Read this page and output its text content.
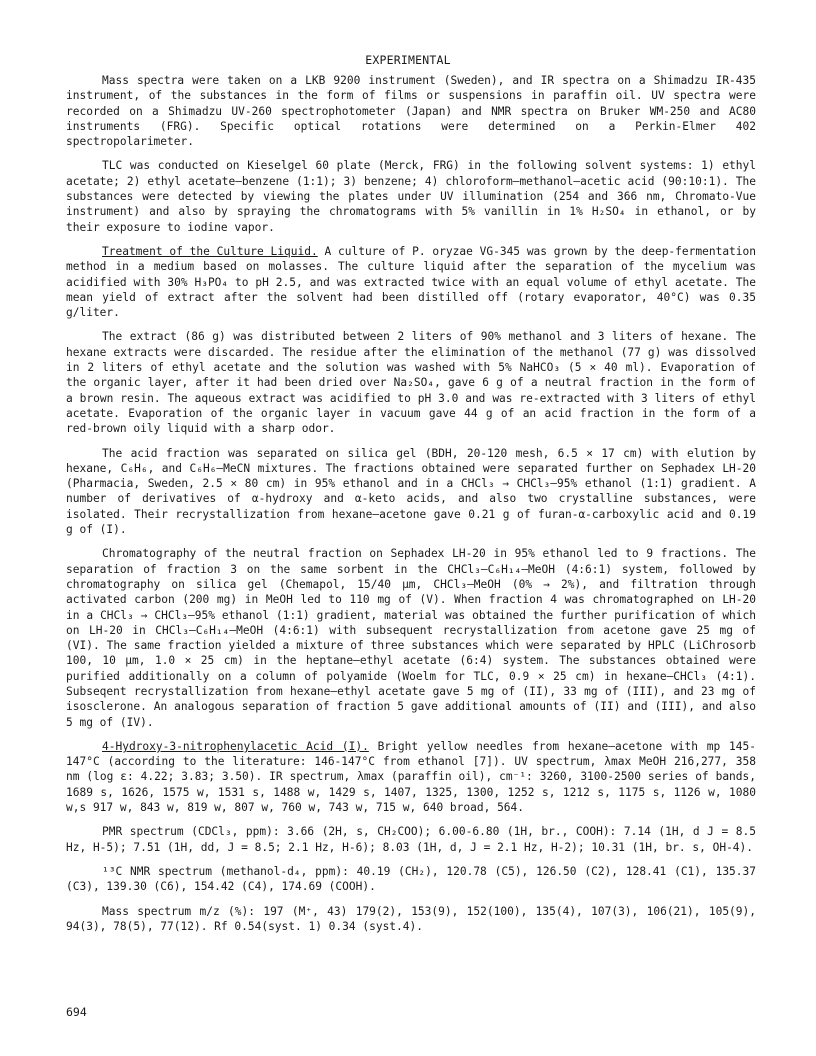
EXPERIMENTAL

Mass spectra were taken on a LKB 9200 instrument (Sweden), and IR spectra on a Shimadzu IR-435 instrument, of the substances in the form of films or suspensions in paraffin oil. UV spectra were recorded on a Shimadzu UV-260 spectrophotometer (Japan) and NMR spectra on Bruker WM-250 and AC80 instruments (FRG). Specific optical rotations were determined on a Perkin-Elmer 402 spectropolarimeter.

TLC was conducted on Kieselgel 60 plate (Merck, FRG) in the following solvent systems: 1) ethyl acetate; 2) ethyl acetate—benzene (1:1); 3) benzene; 4) chloroform—methanol—acetic acid (90:10:1). The substances were detected by viewing the plates under UV illumination (254 and 366 nm, Chromato-Vue instrument) and also by spraying the chromatograms with 5% vanillin in 1% H₂SO₄ in ethanol, or by their exposure to iodine vapor.

Treatment of the Culture Liquid. A culture of P. oryzae VG-345 was grown by the deep-fermentation method in a medium based on molasses. The culture liquid after the separation of the mycelium was acidified with 30% H₃PO₄ to pH 2.5, and was extracted twice with an equal volume of ethyl acetate. The mean yield of extract after the solvent had been distilled off (rotary evaporator, 40°C) was 0.35 g/liter.

The extract (86 g) was distributed between 2 liters of 90% methanol and 3 liters of hexane. The hexane extracts were discarded. The residue after the elimination of the methanol (77 g) was dissolved in 2 liters of ethyl acetate and the solution was washed with 5% NaHCO₃ (5 × 40 ml). Evaporation of the organic layer, after it had been dried over Na₂SO₄, gave 6 g of a neutral fraction in the form of a brown resin. The aqueous extract was acidified to pH 3.0 and was re-extracted with 3 liters of ethyl acetate. Evaporation of the organic layer in vacuum gave 44 g of an acid fraction in the form of a red-brown oily liquid with a sharp odor.

The acid fraction was separated on silica gel (BDH, 20-120 mesh, 6.5 × 17 cm) with elution by hexane, C₆H₆, and C₆H₆—MeCN mixtures. The fractions obtained were separated further on Sephadex LH-20 (Pharmacia, Sweden, 2.5 × 80 cm) in 95% ethanol and in a CHCl₃ → CHCl₃—95% ethanol (1:1) gradient. A number of derivatives of α-hydroxy and α-keto acids, and also two crystalline substances, were isolated. Their recrystallization from hexane—acetone gave 0.21 g of furan-α-carboxylic acid and 0.19 g of (I).

Chromatography of the neutral fraction on Sephadex LH-20 in 95% ethanol led to 9 fractions. The separation of fraction 3 on the same sorbent in the CHCl₃—C₆H₁₄—MeOH (4:6:1) system, followed by chromatography on silica gel (Chemapol, 15/40 μm, CHCl₃—MeOH (0% → 2%), and filtration through activated carbon (200 mg) in MeOH led to 110 mg of (V). When fraction 4 was chromatographed on LH-20 in a CHCl₃ → CHCl₃—95% ethanol (1:1) gradient, material was obtained the further purification of which on LH-20 in CHCl₃—C₆H₁₄—MeOH (4:6:1) with subsequent recrystallization from acetone gave 25 mg of (VI). The same fraction yielded a mixture of three substances which were separated by HPLC (LiChrosorb 100, 10 μm, 1.0 × 25 cm) in the heptane—ethyl acetate (6:4) system. The substances obtained were purified additionally on a column of polyamide (Woelm for TLC, 0.9 × 25 cm) in hexane—CHCl₃ (4:1). Subseqent recrystallization from hexane—ethyl acetate gave 5 mg of (II), 33 mg of (III), and 23 mg of isosclerone. An analogous separation of fraction 5 gave additional amounts of (II) and (III), and also 5 mg of (IV).

4-Hydroxy-3-nitrophenylacetic Acid (I). Bright yellow needles from hexane—acetone with mp 145-147°C (according to the literature: 146-147°C from ethanol [7]). UV spectrum, λmax MeOH 216,277, 358 nm (log ε: 4.22; 3.83; 3.50). IR spectrum, λmax (paraffin oil), cm⁻¹: 3260, 3100-2500 series of bands, 1689 s, 1626, 1575 w, 1531 s, 1488 w, 1429 s, 1407, 1325, 1300, 1252 s, 1212 s, 1175 s, 1126 w, 1080 w,s 917 w, 843 w, 819 w, 807 w, 760 w, 743 w, 715 w, 640 broad, 564.

PMR spectrum (CDCl₃, ppm): 3.66 (2H, s, CH₂COO); 6.00-6.80 (1H, br., COOH): 7.14 (1H, d J = 8.5 Hz, H-5); 7.51 (1H, dd, J = 8.5; 2.1 Hz, H-6); 8.03 (1H, d, J = 2.1 Hz, H-2); 10.31 (1H, br. s, OH-4).

¹³C NMR spectrum (methanol-d₄, ppm): 40.19 (CH₂), 120.78 (C5), 126.50 (C2), 128.41 (C1), 135.37 (C3), 139.30 (C6), 154.42 (C4), 174.69 (COOH).

Mass spectrum m/z (%): 197 (M⁺, 43) 179(2), 153(9), 152(100), 135(4), 107(3), 106(21), 105(9), 94(3), 78(5), 77(12). Rf 0.54(syst. 1) 0.34 (syst.4).

694
